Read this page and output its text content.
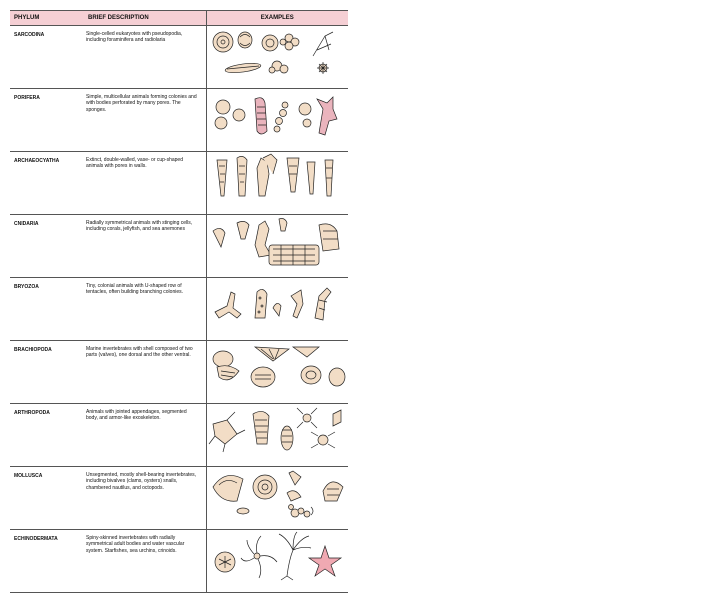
PHYLUM	BRIEF DESCRIPTION	EXAMPLES
SARCODINA	Single-celled eukaryotes with pseudopodia, including foraminifera and radiolaria	

PORIFERA	Simple, multicellular animals forming colonies and with bodies perforated by many pores. The sponges.	

ARCHAEOCYATHA	Extinct, double-walled, vase- or cup-shaped animals with pores in walls.	

CNIDARIA	Radially symmetrical animals with stinging cells, including corals, jellyfish, and sea anemones	

BRYOZOA	Tiny, colonial animals with U-shaped row of tentacles, often building branching colonies.	

BRACHIOPODA	Marine invertebrates with shell composed of two parts (valves), one dorsal and the other ventral.	

ARTHROPODA	Animals with jointed appendages, segmented body, and armor-like exoskeleton.	

MOLLUSCA	Unsegmented, mostly shell-bearing invertebrates, including bivalves (clams, oysters) snails, chambered nautilus, and octopods.	

ECHINODERMATA	Spiny-skinned invertebrates with radially symmetrical adult bodies and water vascular system. Starfishes, sea urchins, crinoids.	
